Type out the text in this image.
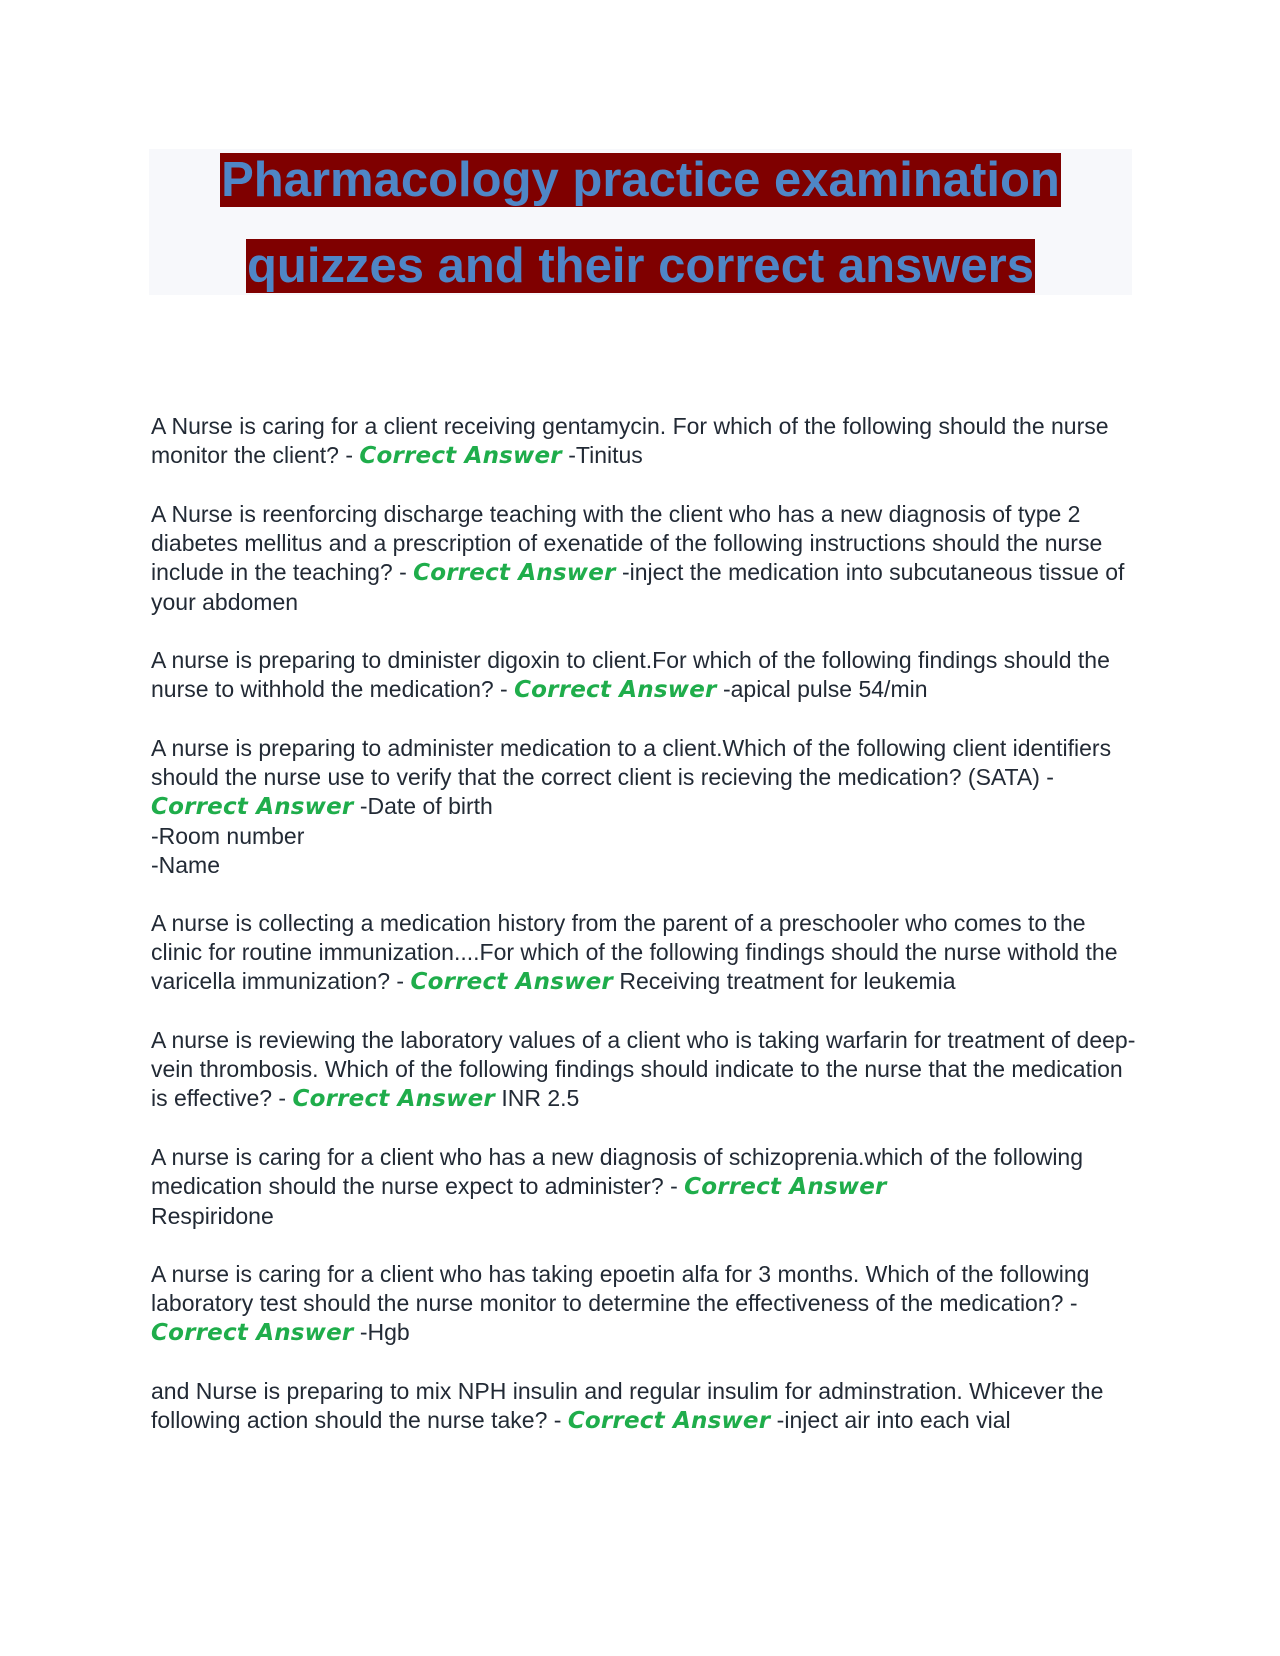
Pharmacology practice examination
quizzes and their correct answers

A Nurse is caring for a client receiving gentamycin. For which of the following should the nurse monitor the client? - Correct Answer -Tinitus

A Nurse is reenforcing discharge teaching with the client who has a new diagnosis of type 2 diabetes mellitus and a prescription of exenatide of the following instructions should the nurse include in the teaching? - Correct Answer -inject the medication into subcutaneous tissue of your abdomen

A nurse is preparing to dminister digoxin to client.For which of the following findings should the nurse to withhold the medication? - Correct Answer -apical pulse 54/min

A nurse is preparing to administer medication to a client.Which of the following client identifiers should the nurse use to verify that the correct client is recieving the medication? (SATA) - Correct Answer -Date of birth
-Room number
-Name

A nurse is collecting a medication history from the parent of a preschooler who comes to the clinic for routine immunization....For which of the following findings should the nurse withold the varicella immunization? - Correct Answer Receiving treatment for leukemia

A nurse is reviewing the laboratory values of a client who is taking warfarin for treatment of deep-vein thrombosis. Which of the following findings should indicate to the nurse that the medication is effective? - Correct Answer INR 2.5

A nurse is caring for a client who has a new diagnosis of schizoprenia.which of the following medication should the nurse expect to administer? - Correct Answer
Respiridone

A nurse is caring for a client who has taking epoetin alfa for 3 months. Which of the following laboratory test should the nurse monitor to determine the effectiveness of the medication? - Correct Answer -Hgb

and Nurse is preparing to mix NPH insulin and regular insulim for adminstration. Whicever the following action should the nurse take? - Correct Answer -inject air into each vial
